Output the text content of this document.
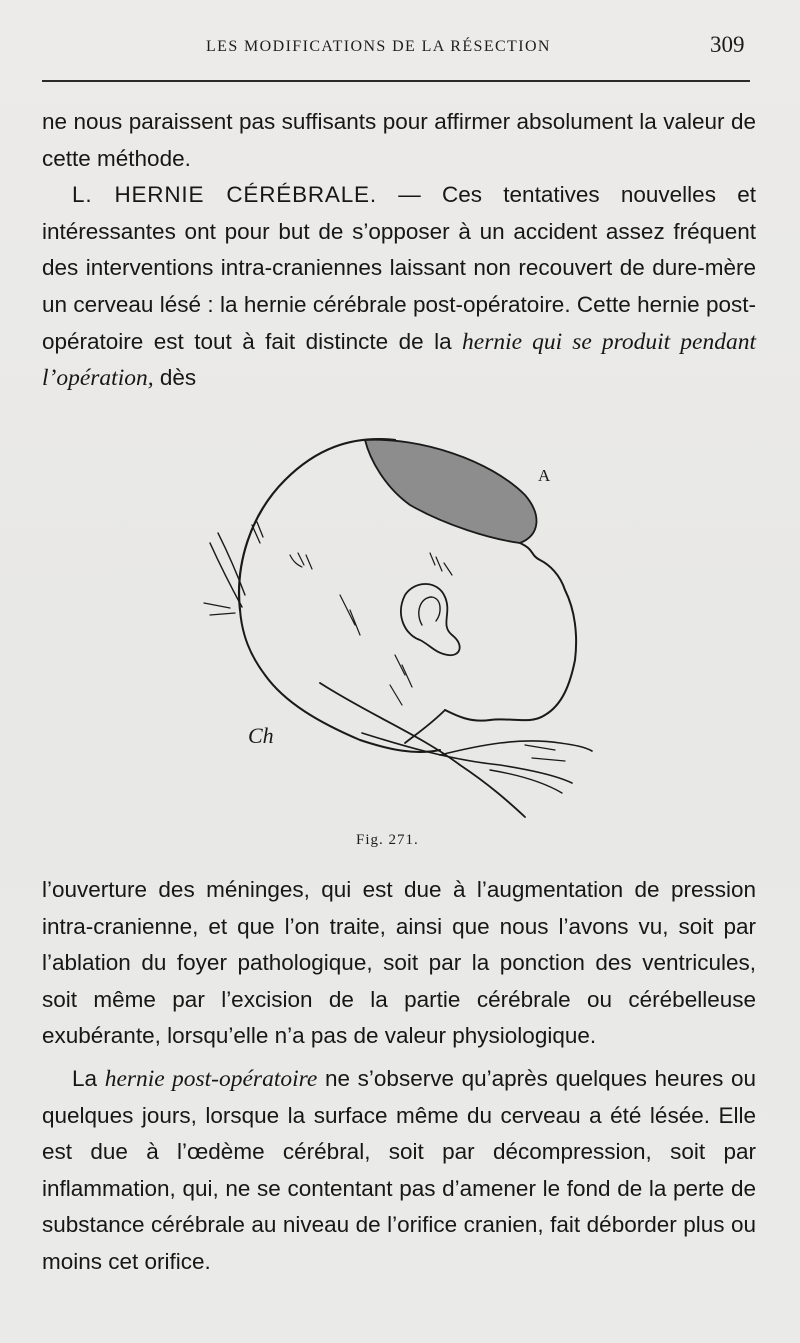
LES MODIFICATIONS DE LA RÉSECTION	309

ne nous paraissent pas suffisants pour affirmer absolument la valeur de cette méthode.

L. HERNIE CÉRÉBRALE. — Ces tentatives nouvelles et intéressantes ont pour but de s’opposer à un accident assez fréquent des interventions intra-craniennes laissant non recouvert de dure-mère un cerveau lésé : la hernie cérébrale post-opératoire. Cette hernie post-opératoire est tout à fait distincte de la hernie qui se produit pendant l’opération, dès

A
Ch
Fig. 271.

l’ouverture des méninges, qui est due à l’augmentation de pression intra-cranienne, et que l’on traite, ainsi que nous l’avons vu, soit par l’ablation du foyer pathologique, soit par la ponction des ventricules, soit même par l’excision de la partie cérébrale ou cérébelleuse exubérante, lorsqu’elle n’a pas de valeur physiologique.

La hernie post-opératoire ne s’observe qu’après quelques heures ou quelques jours, lorsque la surface même du cerveau a été lésée. Elle est due à l’œdème cérébral, soit par décompression, soit par inflammation, qui, ne se contentant pas d’amener le fond de la perte de substance cérébrale au niveau de l’orifice cranien, fait déborder plus ou moins cet orifice.
